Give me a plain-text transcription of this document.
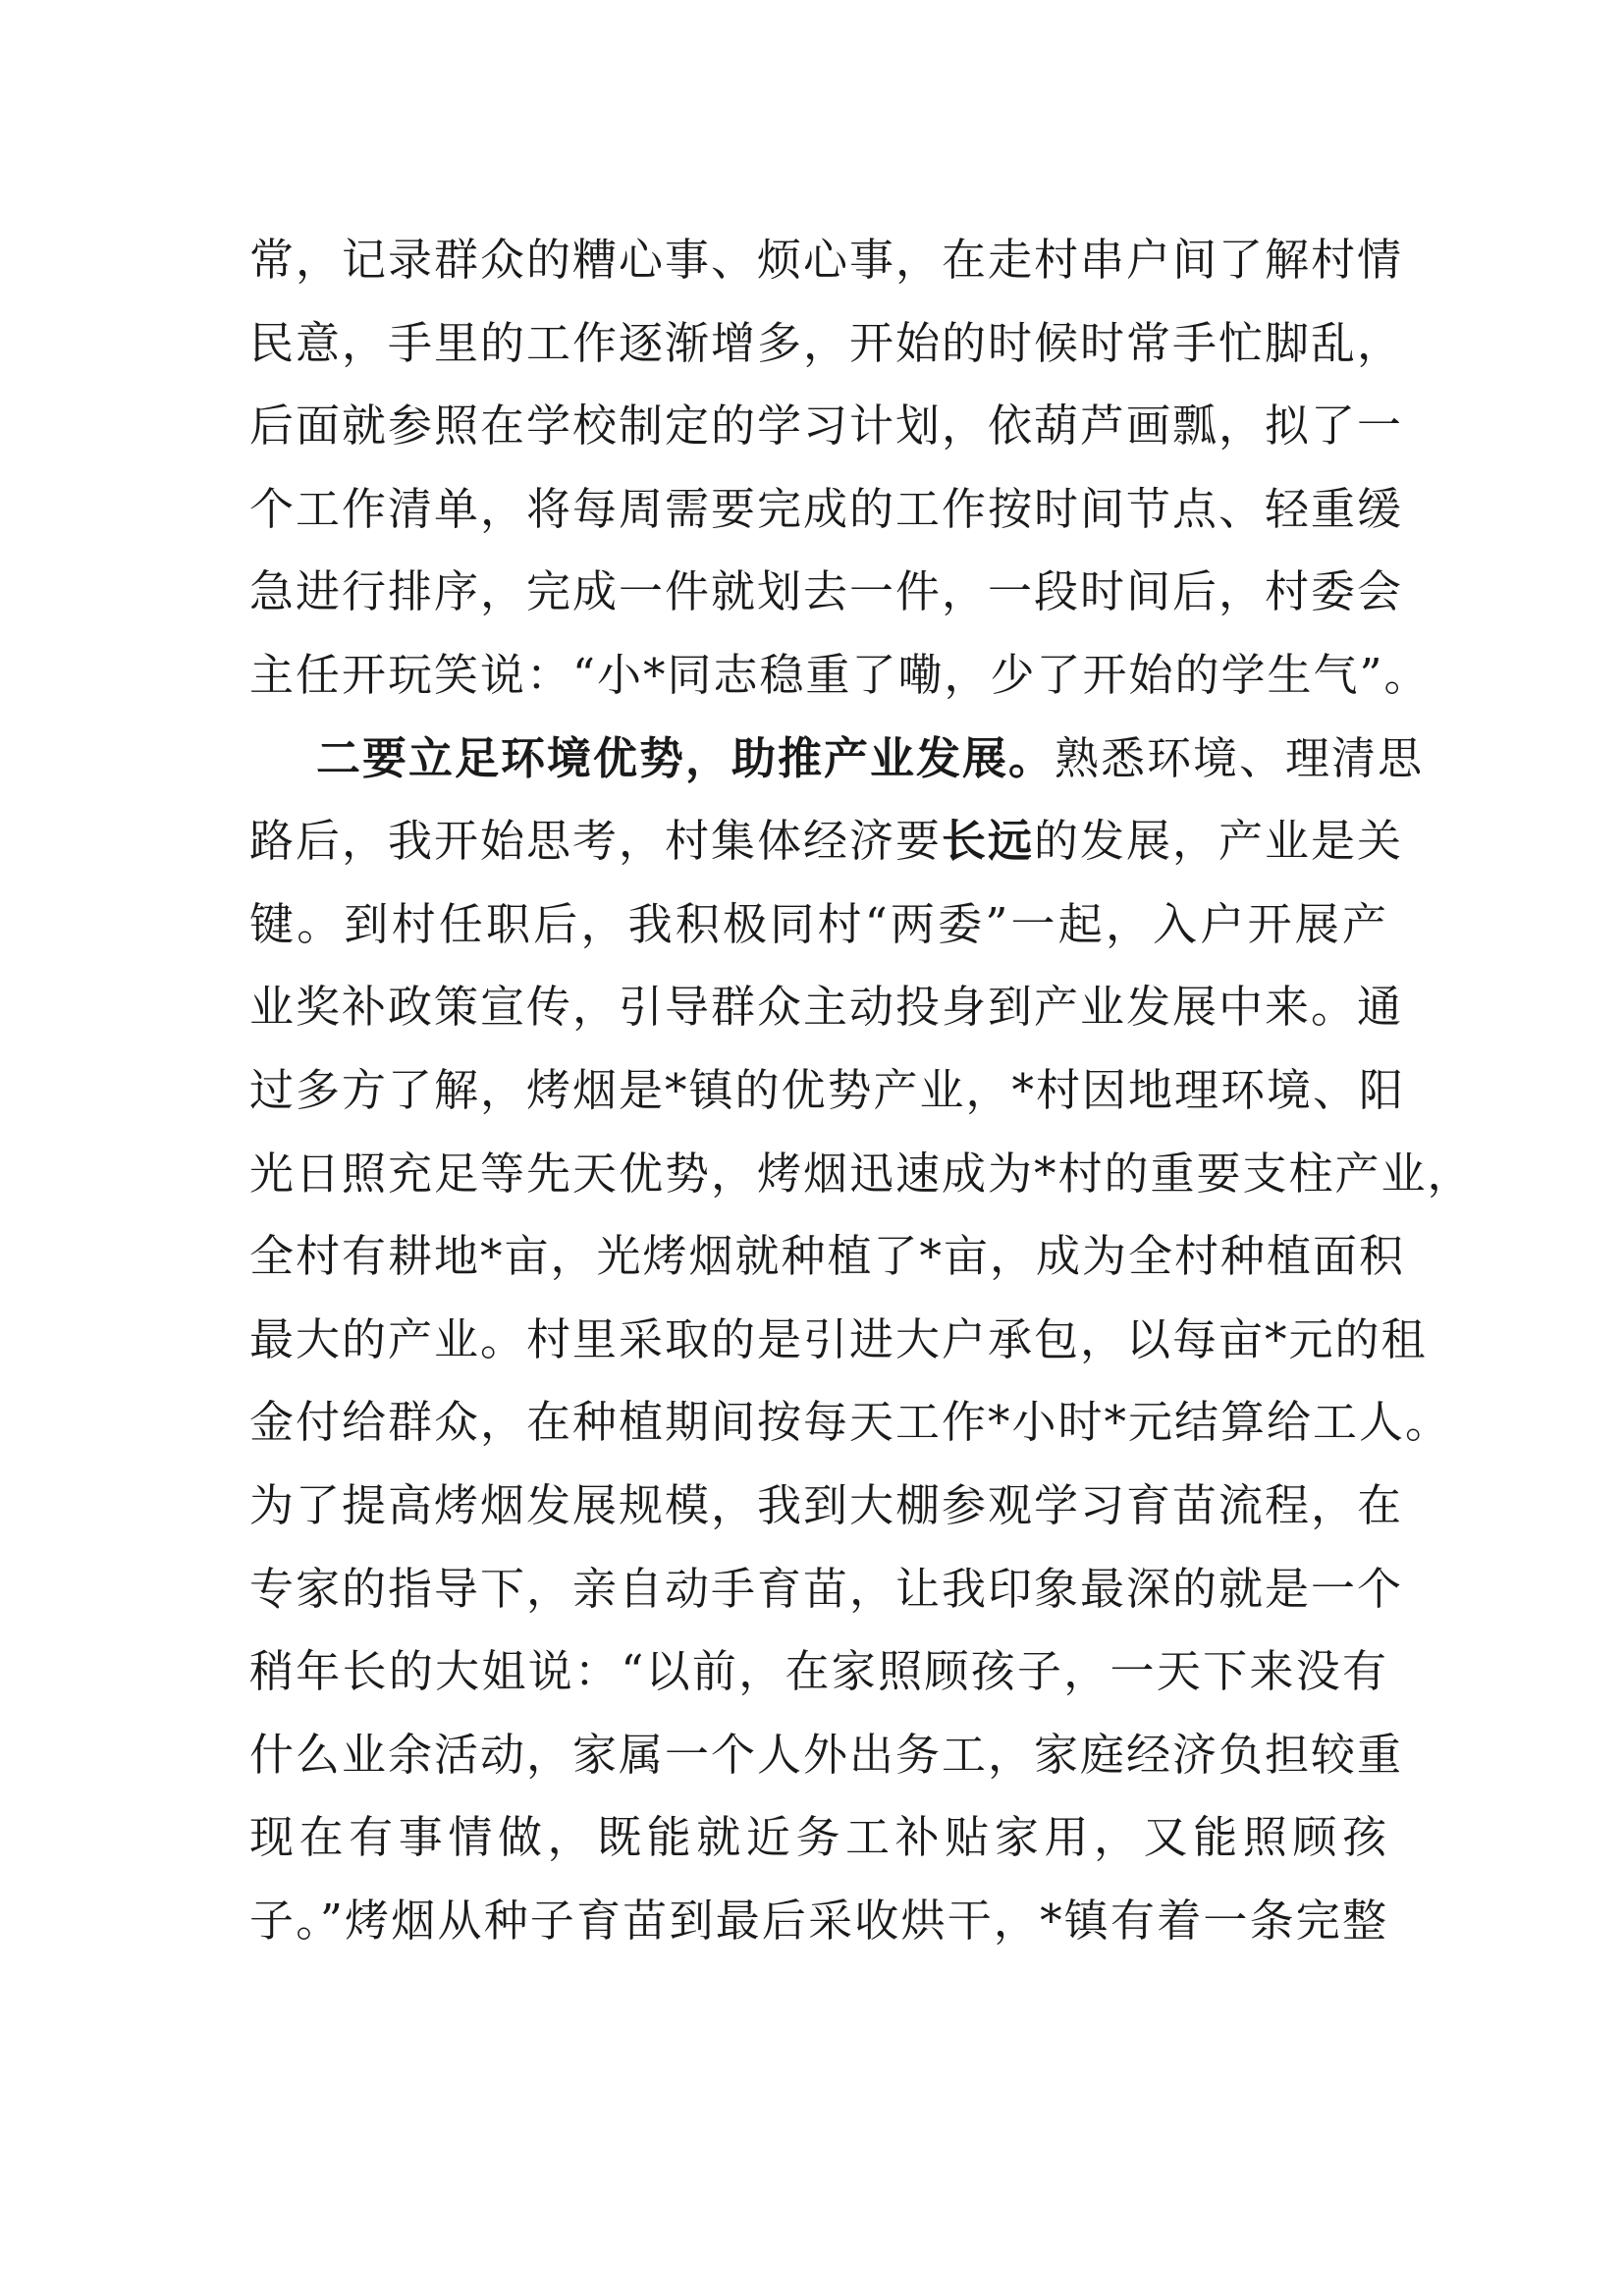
常，记录群众的糟心事、烦心事，在走村串户间了解村情
民意，手里的工作逐渐增多，开始的时候时常手忙脚乱，
后面就参照在学校制定的学习计划，依葫芦画瓢，拟了一
个工作清单，将每周需要完成的工作按时间节点、轻重缓
急进行排序，完成一件就划去一件，一段时间后，村委会
主任开玩笑说：“小*同志稳重了嘞，少了开始的学生气”。
二要立足环境优势，助推产业发展。熟悉环境、理清思
路后，我开始思考，村集体经济要长远的发展，产业是关
键。到村任职后，我积极同村“两委”一起，入户开展产
业奖补政策宣传，引导群众主动投身到产业发展中来。通
过多方了解，烤烟是*镇的优势产业，*村因地理环境、阳
光日照充足等先天优势，烤烟迅速成为*村的重要支柱产业，
全村有耕地*亩，光烤烟就种植了*亩，成为全村种植面积
最大的产业。村里采取的是引进大户承包，以每亩*元的租
金付给群众，在种植期间按每天工作*小时*元结算给工人。
为了提高烤烟发展规模，我到大棚参观学习育苗流程，在
专家的指导下，亲自动手育苗，让我印象最深的就是一个
稍年长的大姐说：“以前，在家照顾孩子，一天下来没有
什么业余活动，家属一个人外出务工，家庭经济负担较重
现在有事情做，既能就近务工补贴家用，又能照顾孩
子。”烤烟从种子育苗到最后采收烘干，*镇有着一条完整
